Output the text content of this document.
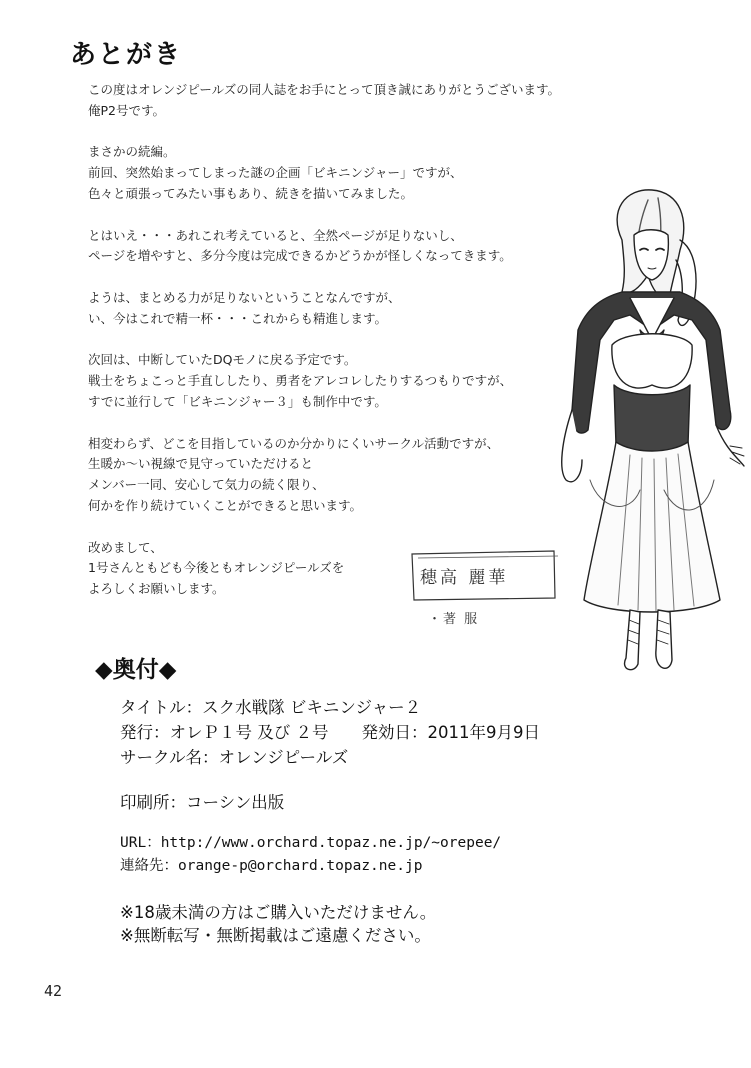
あとがき

この度はオレンジピールズの同人誌をお手にとって頂き誠にありがとうございます。
俺P2号です。

まさかの続編。
前回、突然始まってしまった謎の企画「ビキニンジャー」ですが、
色々と頑張ってみたい事もあり、続きを描いてみました。

とはいえ・・・あれこれ考えていると、全然ページが足りないし、
ページを増やすと、多分今度は完成できるかどうかが怪しくなってきます。

ようは、まとめる力が足りないということなんですが、
い、今はこれで精一杯・・・これからも精進します。

次回は、中断していたDQモノに戻る予定です。
戦士をちょこっと手直ししたり、勇者をアレコレしたりするつもりですが、
すでに並行して「ビキニンジャー３」も制作中です。

相変わらず、どこを目指しているのか分かりにくいサークル活動ですが、
生暖か～い視線で見守っていただけると
メンバー一同、安心して気力の続く限り、
何かを作り続けていくことができると思います。

改めまして、
1号さんともども今後ともオレンジピールズを
よろしくお願いします。

穂高 麗華
・著 服
◆奥付◆
タイトル：スク水戦隊 ビキニンジャー２
発行：オレＰ１号 及び ２号　　発効日：2011年9月9日
サークル名：オレンジピールズ
印刷所：コーシン出版
URL：http://www.orchard.topaz.ne.jp/~orepee/
連絡先：orange-p@orchard.topaz.ne.jp
※18歳未満の方はご購入いただけません。
※無断転写・無断掲載はご遠慮ください。
42
